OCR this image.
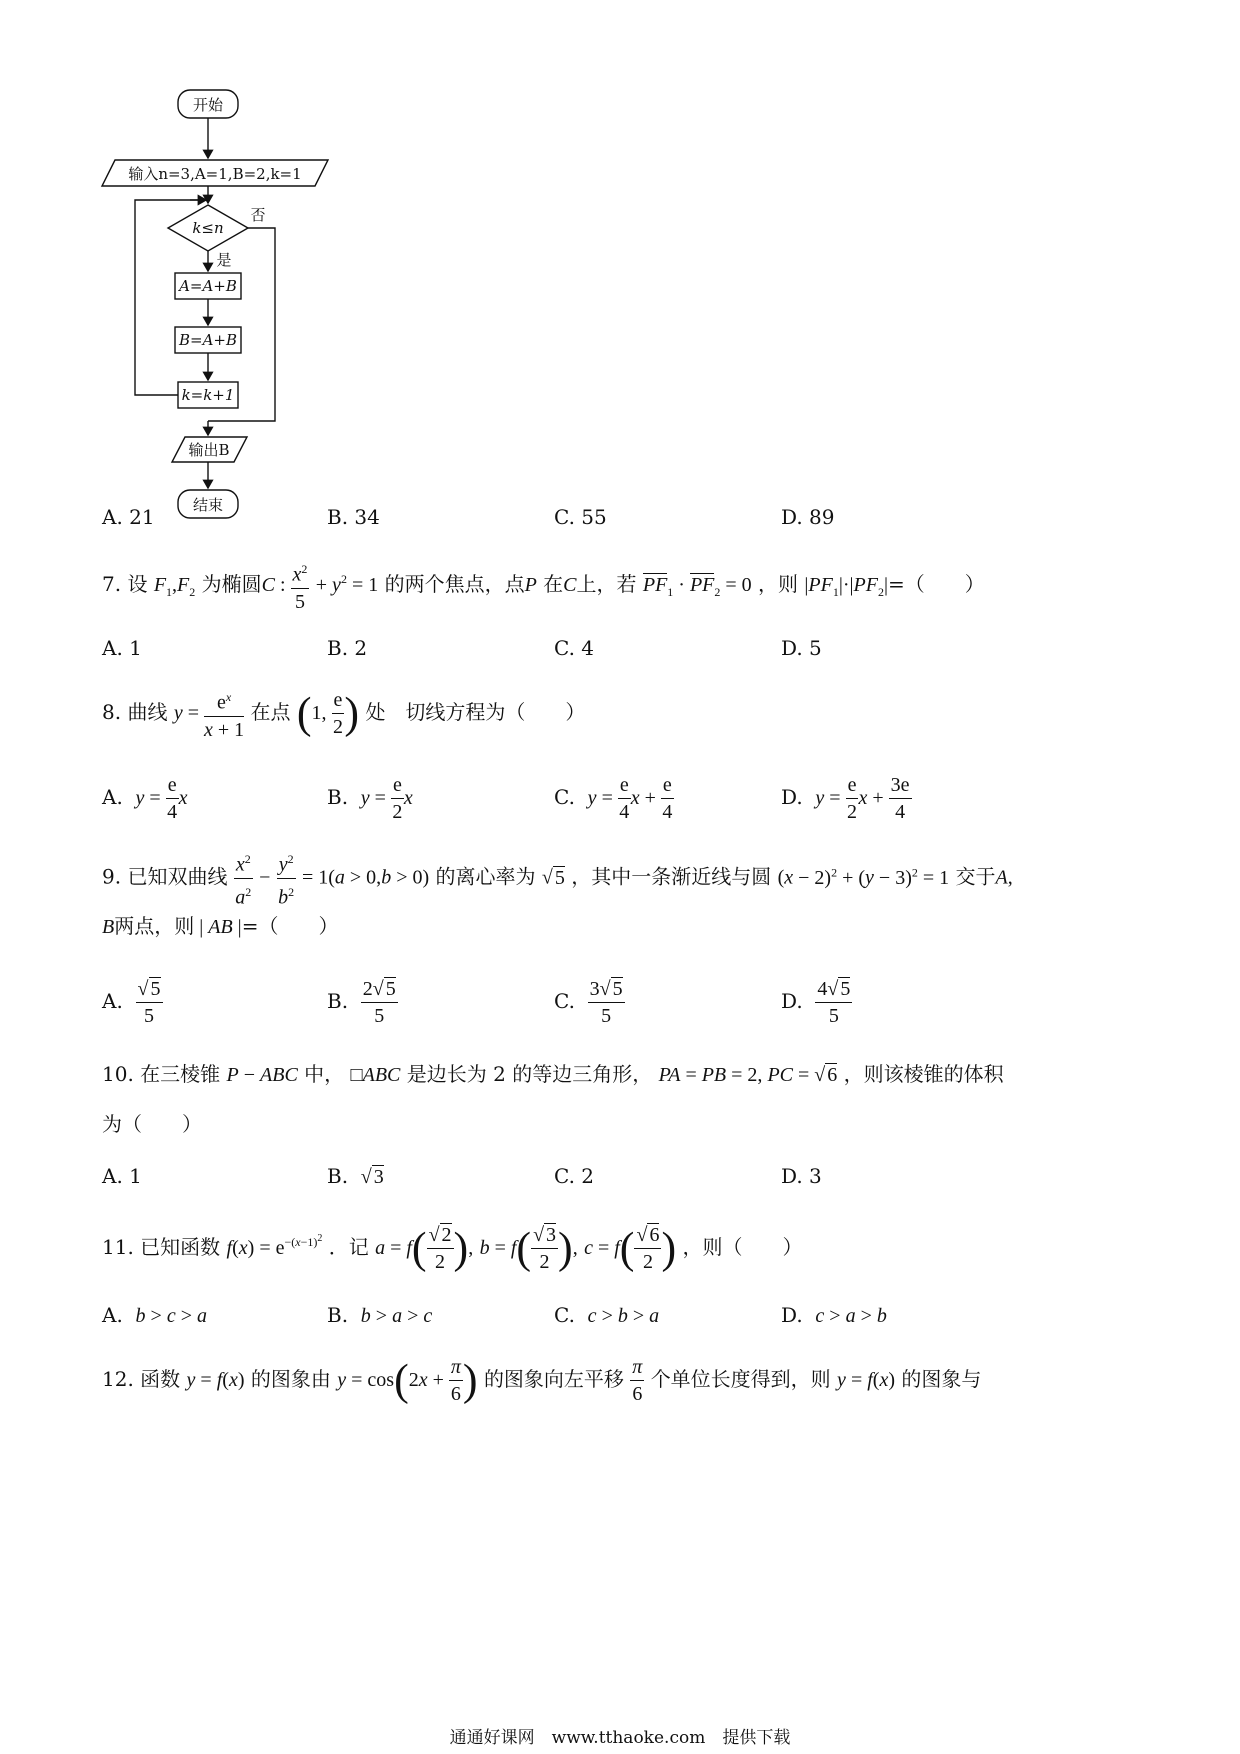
开始
输入n=3,A=1,B=2,k=1
k≤n
否
是
A=A+B
B=A+B
k=k+1
输出B
结束
A. 21	B. 34	C. 55	D. 89
7. 设 $F_1,F_2$ 为椭圆C : $\frac{x^2}{5} + y^2 = 1$ 的两个焦点，点P 在C上，若 $PF_1 \cdot PF_2 = 0$ ，则 $|PF_1|\cdot|PF_2|=$（　　）
A. 1	B. 2	C. 4	D. 5
8. 曲线 $y = \frac{e^x}{x + 1}$ 在点 (1, $\frac{e}{2}$ ) 处　切线方程为（　　）
A. $y = \frac{e}{4}$ x	B. $y = \frac{e}{2}$ x	C. $y = \frac{e}{4}$ $x + \frac{e}{4}$	D. $y = \frac{e}{2}$ $x + \frac{3e}{4}$
9. 已知双曲线 $\frac{x^2}{a^2} - \frac{y^2}{b^2} = 1(a > 0,b > 0)$ 的离心率为 √ 5 ，其中一条渐近线与圆 $(x - 2)^2 + (y - 3)^2 = 1$ 交于A,
B两点，则 | AB |=（　　）
A. $\frac{√ 5}{5}$	B. $\frac{2√ 5}{5}$	C. $\frac{3√ 5}{5}$	D. $\frac{4√ 5}{5}$
10. 在三棱锥 P − ABC 中， □ABC 是边长为 2 的等边三角形， PA = PB = 2, PC = √ 6 ，则该棱锥的体积
为（　　）
A. 1	B. √ 3	C. 2	D. 3
11. 已知函数 $f(x) = e^{-(x-1)^2}$ ．记 $a = f( \frac{√ 2}{2}$ ), $b = f( \frac{√ 3}{2}$ ), $c = f( \frac{√ 6}{2}$ ) ，则（　　）
A. b > c > a	B. b > a > c	C. c > b > a	D. c > a > b
12. 函数 y = f(x) 的图象由 $y = \cos(2x + \frac{\pi}{6}$ ) 的图象向左平移 $\frac{\pi}{6}$ 个单位长度得到，则 y = f(x) 的图象与
通通好课网　www.tthaoke.com　提供下载
